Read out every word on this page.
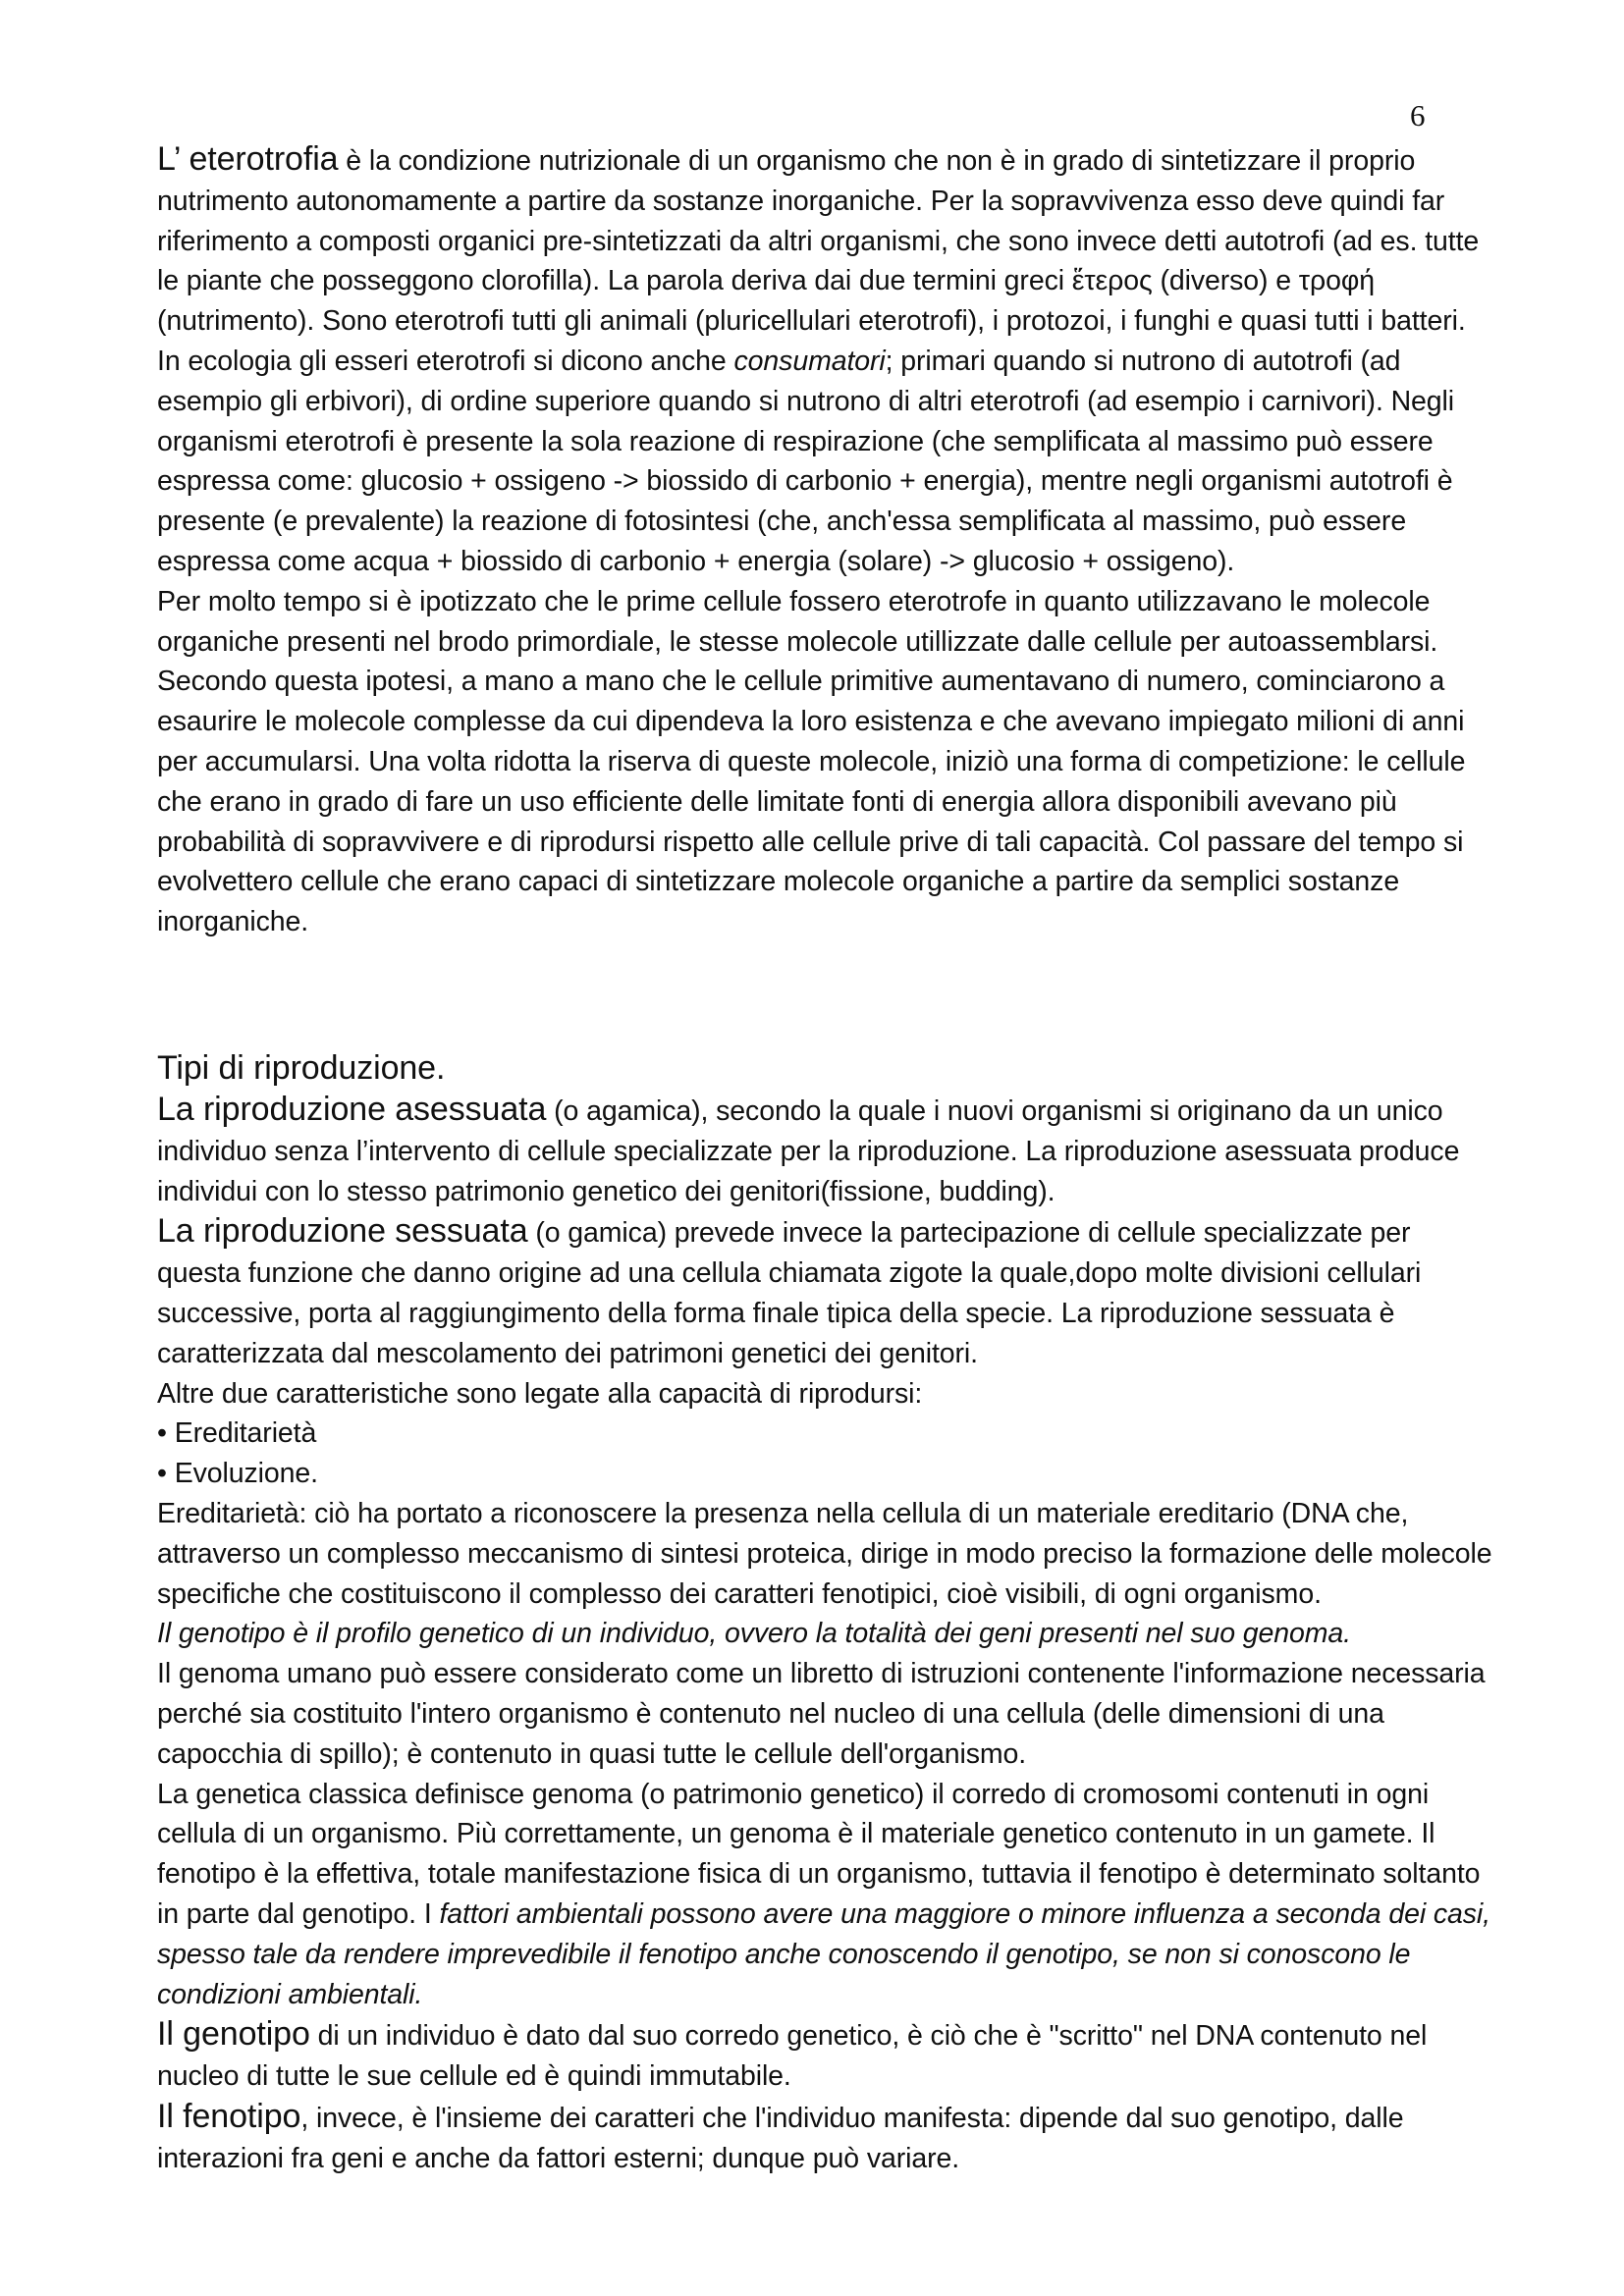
6

L’ eterotrofia è la condizione nutrizionale di un organismo che non è in grado di sintetizzare il proprio nutrimento autonomamente a partire da sostanze inorganiche. Per la sopravvivenza esso deve quindi far riferimento a composti organici pre-sintetizzati da altri organismi, che sono invece detti autotrofi (ad es. tutte le piante che posseggono clorofilla). La parola deriva dai due termini greci ἕτερος (diverso) e τροφή (nutrimento). Sono eterotrofi tutti gli animali (pluricellulari eterotrofi), i protozoi, i funghi e quasi tutti i batteri. In ecologia gli esseri eterotrofi si dicono anche consumatori; primari quando si nutrono di autotrofi (ad esempio gli erbivori), di ordine superiore quando si nutrono di altri eterotrofi (ad esempio i carnivori). Negli organismi eterotrofi è presente la sola reazione di respirazione (che semplificata al massimo può essere espressa come: glucosio + ossigeno -> biossido di carbonio + energia), mentre negli organismi autotrofi è presente (e prevalente) la reazione di fotosintesi (che, anch'essa semplificata al massimo, può essere espressa come acqua + biossido di carbonio + energia (solare) -> glucosio + ossigeno).

Per molto tempo si è ipotizzato che le prime cellule fossero eterotrofe in quanto utilizzavano le molecole organiche presenti nel brodo primordiale, le stesse molecole utillizzate dalle cellule per autoassemblarsi. Secondo questa ipotesi, a mano a mano che le cellule primitive aumentavano di numero, cominciarono a esaurire le molecole complesse da cui dipendeva la loro esistenza e che avevano impiegato milioni di anni per accumularsi. Una volta ridotta la riserva di queste molecole, iniziò una forma di competizione: le cellule che erano in grado di fare un uso efficiente delle limitate fonti di energia allora disponibili avevano più probabilità di sopravvivere e di riprodursi rispetto alle cellule prive di tali capacità. Col passare del tempo si evolvettero cellule che erano capaci di sintetizzare molecole organiche a partire da semplici sostanze inorganiche.

Tipi di riproduzione.

La riproduzione asessuata (o agamica), secondo la quale i nuovi organismi si originano da un unico individuo senza l’intervento di cellule specializzate per la riproduzione. La riproduzione asessuata produce individui con lo stesso patrimonio genetico dei genitori(fissione, budding).

La riproduzione sessuata (o gamica) prevede invece la partecipazione di cellule specializzate per questa funzione che danno origine ad una cellula chiamata zigote la quale,dopo molte divisioni cellulari successive, porta al raggiungimento della forma finale tipica della specie. La riproduzione sessuata è caratterizzata dal mescolamento dei patrimoni genetici dei genitori.

Altre due caratteristiche sono legate alla capacità di riprodursi:

• Ereditarietà

• Evoluzione.

Ereditarietà: ciò ha portato a riconoscere la presenza nella cellula di un materiale ereditario (DNA che, attraverso un complesso meccanismo di sintesi proteica, dirige in modo preciso la formazione delle molecole specifiche che costituiscono il complesso dei caratteri fenotipici, cioè visibili, di ogni organismo.

Il genotipo è il profilo genetico di un individuo, ovvero la totalità dei geni presenti nel suo genoma.

Il genoma umano può essere considerato come un libretto di istruzioni contenente l'informazione necessaria perché sia costituito l'intero organismo è contenuto nel nucleo di una cellula (delle dimensioni di una capocchia di spillo); è contenuto in quasi tutte le cellule dell'organismo.

La genetica classica definisce genoma (o patrimonio genetico) il corredo di cromosomi contenuti in ogni cellula di un organismo. Più correttamente, un genoma è il materiale genetico contenuto in un gamete. Il fenotipo è la effettiva, totale manifestazione fisica di un organismo, tuttavia il fenotipo è determinato soltanto in parte dal genotipo. I fattori ambientali possono avere una maggiore o minore influenza a seconda dei casi, spesso tale da rendere imprevedibile il fenotipo anche conoscendo il genotipo, se non si conoscono le condizioni ambientali.

Il genotipo di un individuo è dato dal suo corredo genetico, è ciò che è "scritto" nel DNA contenuto nel nucleo di tutte le sue cellule ed è quindi immutabile.

Il fenotipo, invece, è l'insieme dei caratteri che l'individuo manifesta: dipende dal suo genotipo, dalle interazioni fra geni e anche da fattori esterni; dunque può variare.
